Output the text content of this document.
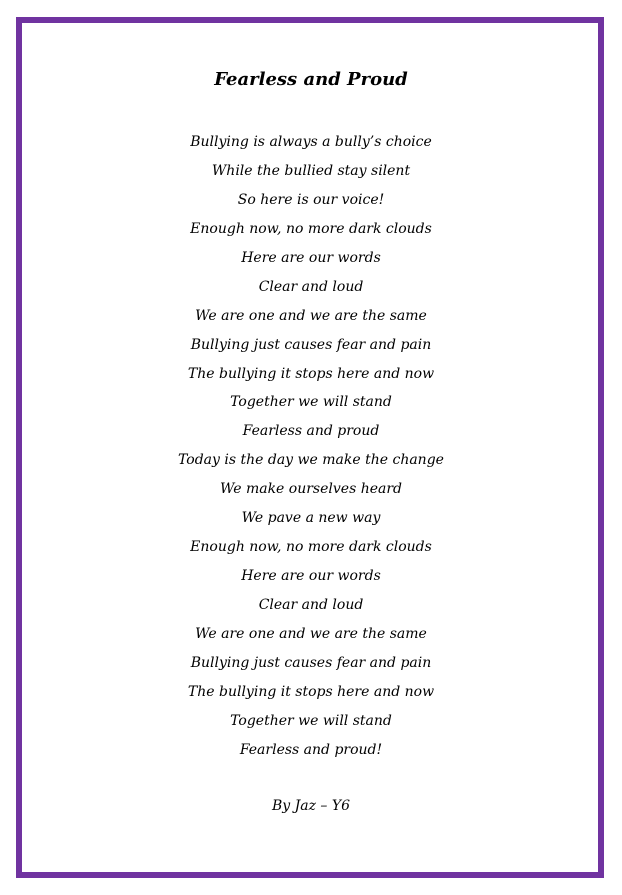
Fearless and Proud
Bullying is always a bully’s choice
While the bullied stay silent
So here is our voice!
Enough now, no more dark clouds
Here are our words
Clear and loud
We are one and we are the same
Bullying just causes fear and pain
The bullying it stops here and now
Together we will stand
Fearless and proud
Today is the day we make the change
We make ourselves heard
We pave a new way
Enough now, no more dark clouds
Here are our words
Clear and loud
We are one and we are the same
Bullying just causes fear and pain
The bullying it stops here and now
Together we will stand
Fearless and proud!

By Jaz – Y6
